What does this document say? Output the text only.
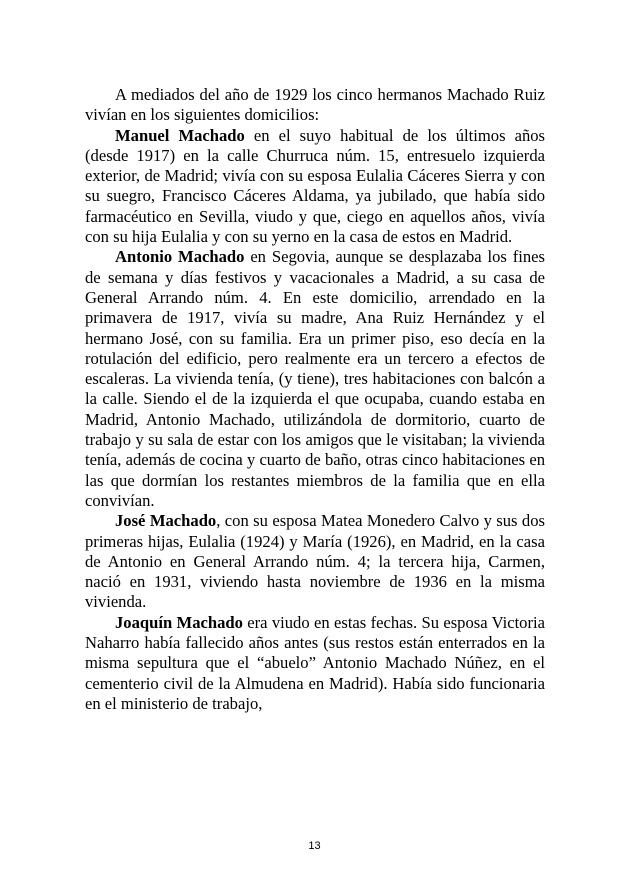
A mediados del año de 1929 los cinco hermanos Machado Ruiz vivían en los siguientes domicilios:

Manuel Machado en el suyo habitual de los últimos años (desde 1917) en la calle Churruca núm. 15, entresuelo izquierda exterior, de Madrid; vivía con su esposa Eulalia Cáceres Sierra y con su suegro, Francisco Cáceres Aldama, ya jubilado, que había sido farmacéutico en Sevilla, viudo y que, ciego en aquellos años, vivía con su hija Eulalia y con su yerno en la casa de estos en Madrid.

Antonio Machado en Segovia, aunque se desplazaba los fines de semana y días festivos y vacacionales a Madrid, a su casa de General Arrando núm. 4. En este domicilio, arrendado en la primavera de 1917, vivía su madre, Ana Ruiz Hernández y el hermano José, con su familia. Era un primer piso, eso decía en la rotulación del edificio, pero realmente era un tercero a efectos de escaleras. La vivienda tenía, (y tiene), tres habitaciones con balcón a la calle. Siendo el de la izquierda el que ocupaba, cuando estaba en Madrid, Antonio Machado, utilizándola de dormitorio, cuarto de trabajo y su sala de estar con los amigos que le visitaban; la vivienda tenía, además de cocina y cuarto de baño, otras cinco habitaciones en las que dormían los restantes miembros de la familia que en ella convivían.

José Machado, con su esposa Matea Monedero Calvo y sus dos primeras hijas, Eulalia (1924) y María (1926), en Madrid, en la casa de Antonio en General Arrando núm. 4; la tercera hija, Carmen, nació en 1931, viviendo hasta noviembre de 1936 en la misma vivienda.

Joaquín Machado era viudo en estas fechas. Su esposa Victoria Naharro había fallecido años antes (sus restos están enterrados en la misma sepultura que el “abuelo” Antonio Machado Núñez, en el cementerio civil de la Almudena en Madrid). Había sido funcionaria en el ministerio de trabajo,

13
